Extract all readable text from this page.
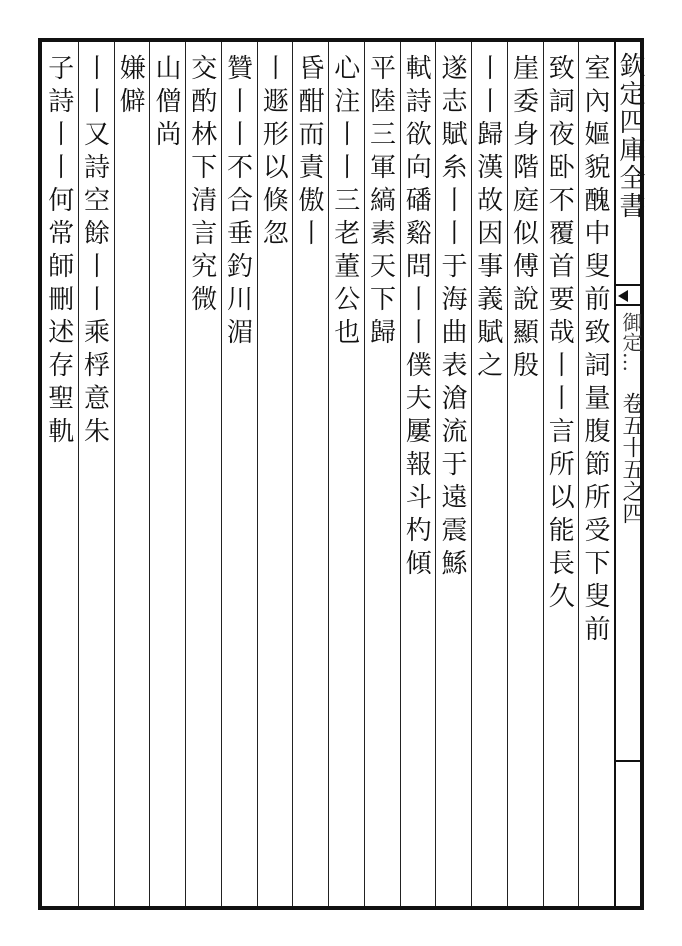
欽定四庫全書
御定…
卷五十五之四
室內嫗貌醜中叟前致詞量腹節所受下叟前
致詞夜卧不覆首要哉丨丨言所以能長久
崖委身階庭似傅說顯殷
丨丨歸漢故因事義賦之
遂志賦糸丨丨于海曲表滄流于遠震鯀
軾詩欲向磻谿問丨丨僕夫屢報斗杓傾
平陸三軍縞素天下歸
心注丨丨三老董公也
昏酣而責傲丨
丨遯形以倏忽
贊丨丨不合垂釣川湄
交酌林下清言究微
山僧尚
嫌僻
丨丨又詩空餘丨丨乘桴意朱
子詩丨丨何常師刪述存聖軌
